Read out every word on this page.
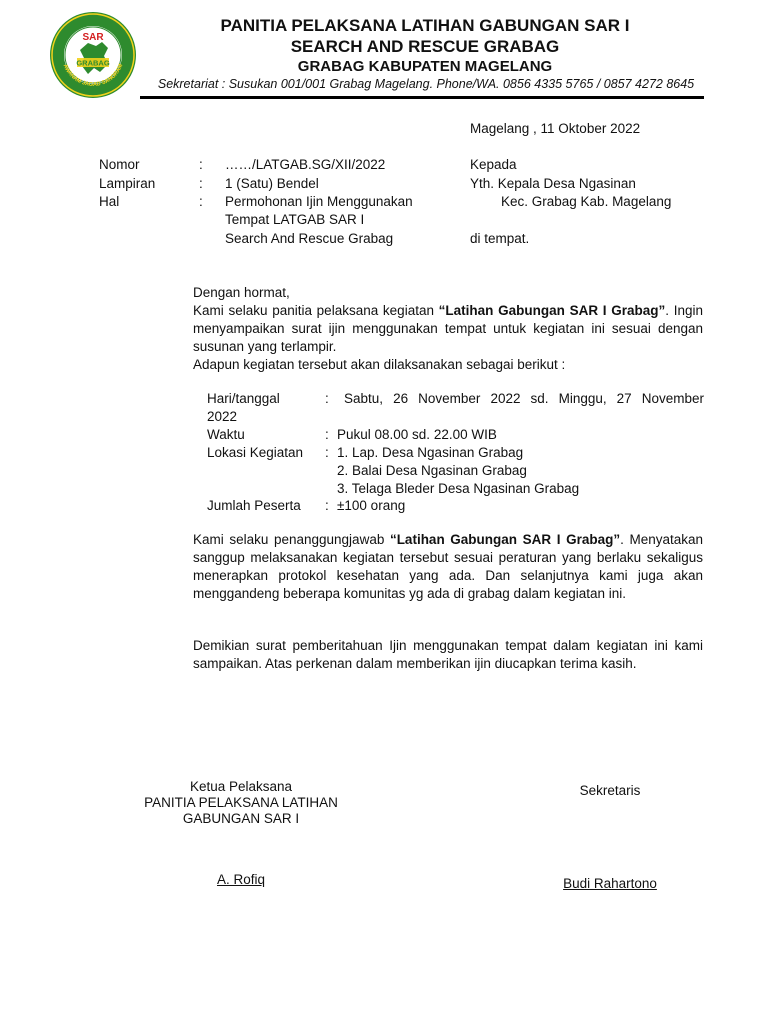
SAR
GRABAG
AWANAM JAGAD SANGRAM
PANITIA PELAKSANA LATIHAN GABUNGAN SAR I
SEARCH AND RESCUE GRABAG
GRABAG KABUPATEN MAGELANG
Sekretariat : Susukan 001/001 Grabag Magelang. Phone/WA. 0856 4335 5765 / 0857 4272 8645
Magelang , 11 Oktober 2022
Nomor	: ……/LATGAB.SG/XII/2022
Lampiran	: 1 (Satu) Bendel
Hal	: Permohonan Ijin Menggunakan
Tempat LATGAB SAR I
Search And Rescue Grabag
Kepada
Yth. Kepala Desa Ngasinan
Kec. Grabag Kab. Magelang
di tempat.

Dengan hormat,

Kami selaku panitia pelaksana kegiatan “Latihan Gabungan SAR I Grabag”. Ingin menyampaikan surat ijin menggunakan tempat untuk kegiatan ini sesuai dengan susunan yang terlampir.

Adapun kegiatan tersebut akan dilaksanakan sebagai berikut :

Hari/tanggal	: Sabtu, 26 November 2022 sd. Minggu, 27 November
2022
Waktu	: Pukul 08.00 sd. 22.00 WIB
Lokasi Kegiatan : 1. Lap. Desa Ngasinan Grabag
2. Balai Desa Ngasinan Grabag
3. Telaga Bleder Desa Ngasinan Grabag
Jumlah Peserta : ±100 orang

Kami selaku penanggungjawab “Latihan Gabungan SAR I Grabag”. Menyatakan sanggup melaksanakan kegiatan tersebut sesuai peraturan yang berlaku sekaligus menerapkan protokol kesehatan yang ada. Dan selanjutnya kami juga akan menggandeng beberapa komunitas yg ada di grabag dalam kegiatan ini.

Demikian surat pemberitahuan Ijin menggunakan tempat dalam kegiatan ini kami sampaikan. Atas perkenan dalam memberikan ijin diucapkan terima kasih.

Ketua Pelaksana
PANITIA PELAKSANA LATIHAN
GABUNGAN SAR I
A. Rofiq
Sekretaris
Budi Rahartono
